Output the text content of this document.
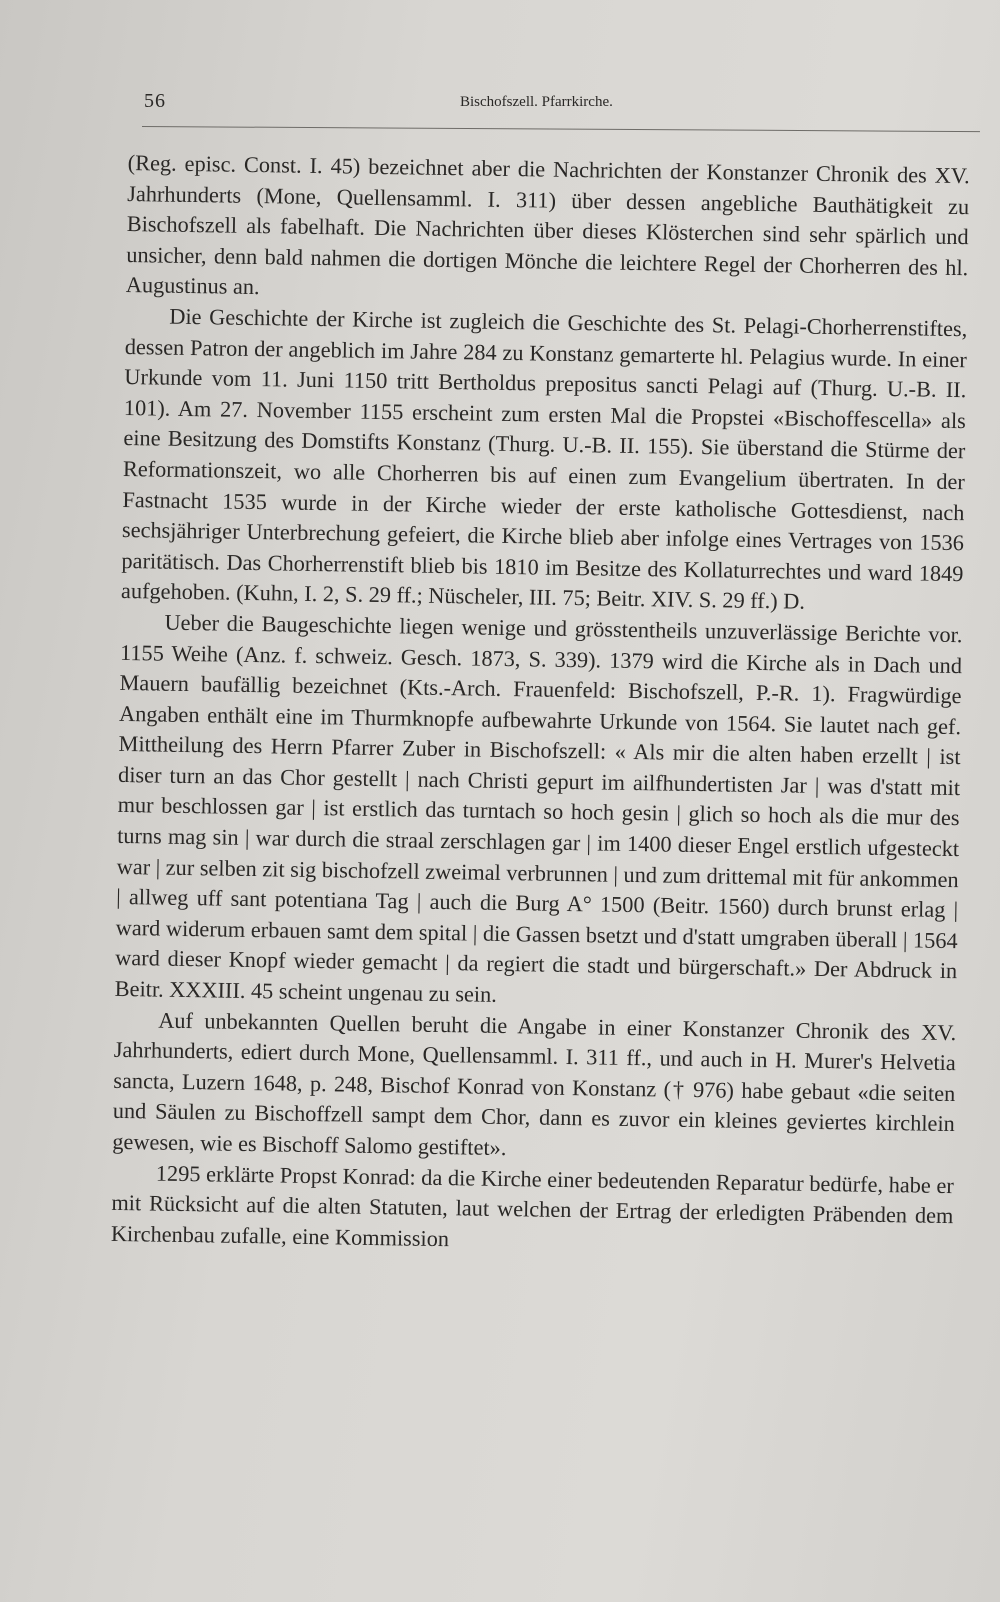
56	Bischofszell. Pfarrkirche.

(Reg. episc. Const. I. 45) bezeichnet aber die Nachrichten der Konstanzer Chronik des XV. Jahrhunderts (Mone, Quellensamml. I. 311) über dessen angebliche Bauthätigkeit zu Bischofszell als fabelhaft. Die Nachrichten über dieses Klösterchen sind sehr spärlich und unsicher, denn bald nahmen die dortigen Mönche die leichtere Regel der Chorherren des hl. Augustinus an.

Die Geschichte der Kirche ist zugleich die Geschichte des St. Pelagi-Chorherrenstiftes, dessen Patron der angeblich im Jahre 284 zu Konstanz gemarterte hl. Pelagius wurde. In einer Urkunde vom 11. Juni 1150 tritt Bertholdus prepositus sancti Pelagi auf (Thurg. U.-B. II. 101). Am 27. November 1155 erscheint zum ersten Mal die Propstei «Bischoffescella» als eine Besitzung des Domstifts Konstanz (Thurg. U.-B. II. 155). Sie überstand die Stürme der Reformationszeit, wo alle Chorherren bis auf einen zum Evangelium übertraten. In der Fastnacht 1535 wurde in der Kirche wieder der erste katholische Gottesdienst, nach sechsjähriger Unterbrechung gefeiert, die Kirche blieb aber infolge eines Vertrages von 1536 paritätisch. Das Chorherrenstift blieb bis 1810 im Besitze des Kollaturrechtes und ward 1849 aufgehoben. (Kuhn, I. 2, S. 29 ff.; Nüscheler, III. 75; Beitr. XIV. S. 29 ff.) D.

Ueber die Baugeschichte liegen wenige und grösstentheils unzuverlässige Berichte vor. 1155 Weihe (Anz. f. schweiz. Gesch. 1873, S. 339). 1379 wird die Kirche als in Dach und Mauern baufällig bezeichnet (Kts.-Arch. Frauenfeld: Bischofszell, P.-R. 1). Fragwürdige Angaben enthält eine im Thurmknopfe aufbewahrte Urkunde von 1564. Sie lautet nach gef. Mittheilung des Herrn Pfarrer Zuber in Bischofszell: « Als mir die alten haben erzellt | ist diser turn an das Chor gestellt | nach Christi gepurt im ailfhundertisten Jar | was d'statt mit mur beschlossen gar | ist erstlich das turntach so hoch gesin | glich so hoch als die mur des turns mag sin | war durch die straal zerschlagen gar | im 1400 dieser Engel erstlich ufgesteckt war | zur selben zit sig bischofzell zweimal verbrunnen | und zum drittemal mit für ankommen | allweg uff sant potentiana Tag | auch die Burg A° 1500 (Beitr. 1560) durch brunst erlag | ward widerum erbauen samt dem spital | die Gassen bsetzt und d'statt umgraben überall | 1564 ward dieser Knopf wieder gemacht | da regiert die stadt und bürgerschaft.» Der Abdruck in Beitr. XXXIII. 45 scheint ungenau zu sein.

Auf unbekannten Quellen beruht die Angabe in einer Konstanzer Chronik des XV. Jahrhunderts, ediert durch Mone, Quellensamml. I. 311 ff., und auch in H. Murer's Helvetia sancta, Luzern 1648, p. 248, Bischof Konrad von Konstanz († 976) habe gebaut «die seiten und Säulen zu Bischoffzell sampt dem Chor, dann es zuvor ein kleines geviertes kirchlein gewesen, wie es Bischoff Salomo gestiftet».

1295 erklärte Propst Konrad: da die Kirche einer bedeutenden Reparatur bedürfe, habe er mit Rücksicht auf die alten Statuten, laut welchen der Ertrag der erledigten Präbenden dem Kirchenbau zufalle, eine Kommission
